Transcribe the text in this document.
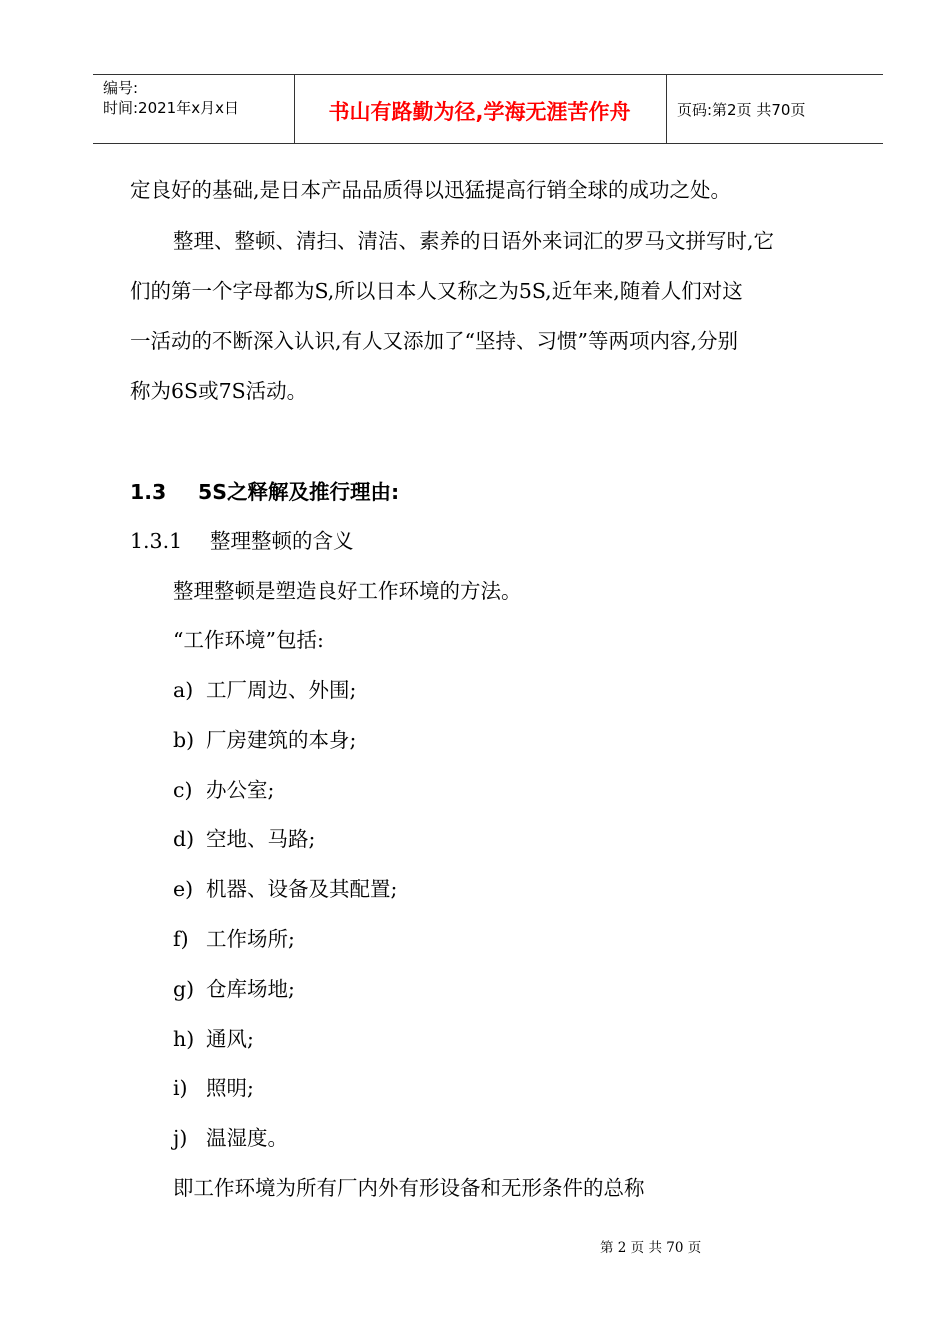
编号:
时间:2021年x月x日	书山有路勤为径,学海无涯苦作舟	页码:第2页 共70页
定良好的基础,是日本产品品质得以迅猛提高行销全球的成功之处。
整理、整顿、清扫、清洁、素养的日语外来词汇的罗马文拼写时,它
们的第一个字母都为S,所以日本人又称之为5S,近年来,随着人们对这
一活动的不断深入认识,有人又添加了“坚持、习惯”等两项内容,分别
称为6S或7S活动。
1.3 5S之释解及推行理由:
1.3.1 整理整顿的含义
整理整顿是塑造良好工作环境的方法。
“工作环境”包括:
a) 工厂周边、外围;
b) 厂房建筑的本身;
c) 办公室;
d) 空地、马路;
e) 机器、设备及其配置;
f) 工作场所;
g) 仓库场地;
h) 通风;
i) 照明;
j) 温湿度。
即工作环境为所有厂内外有形设备和无形条件的总称
第 2 页 共 70 页
